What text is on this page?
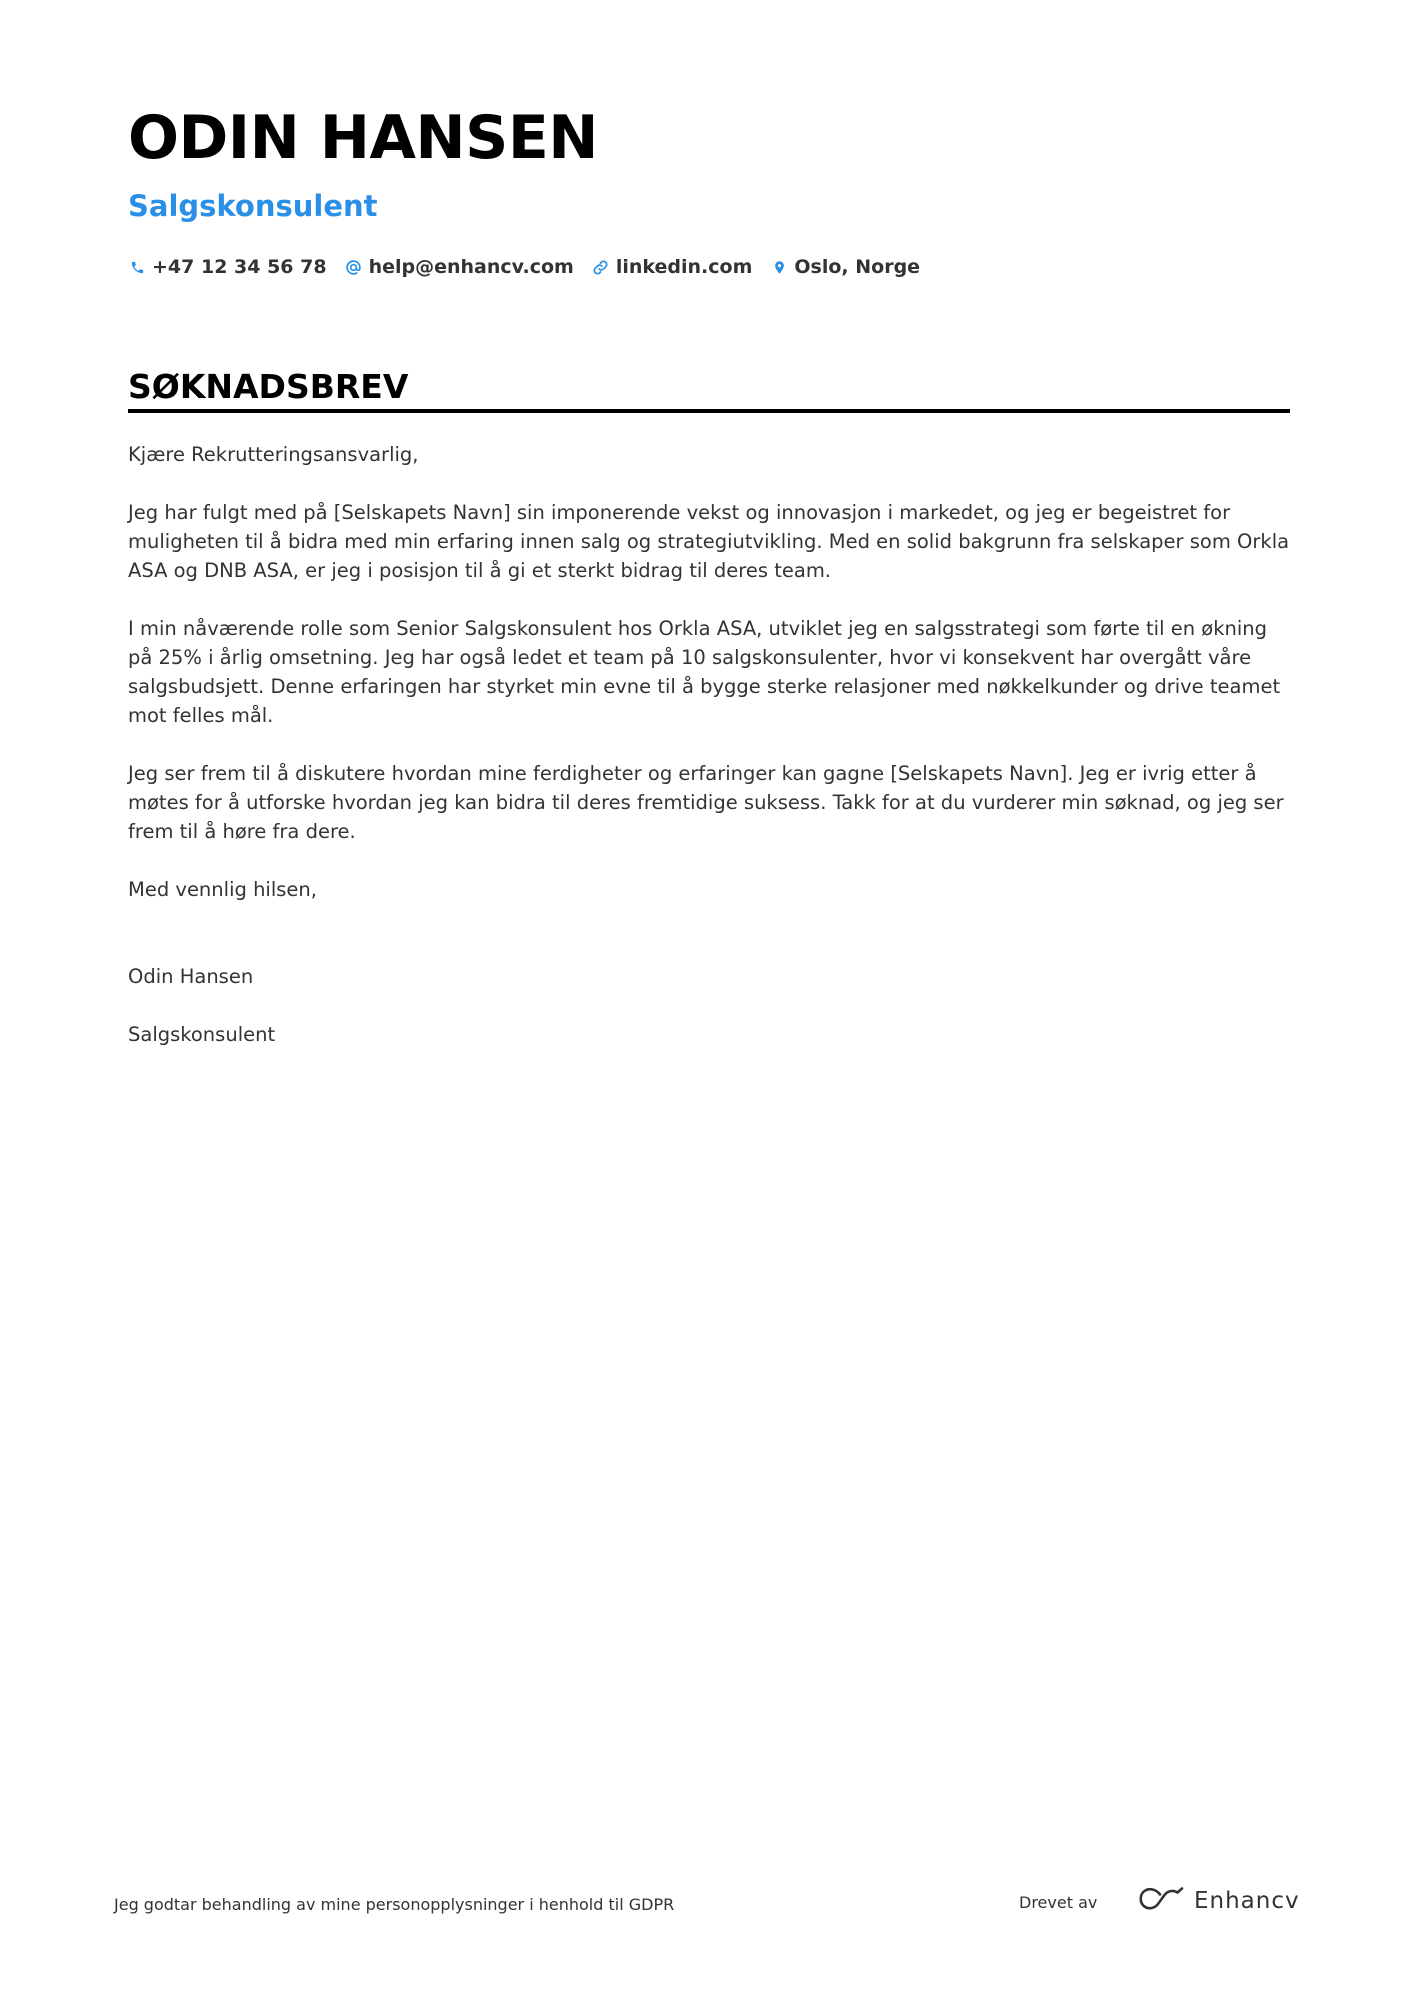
ODIN HANSEN
Salgskonsulent
+47 12 34 56 78 help@enhancv.com linkedin.com Oslo, Norge
SØKNADSBREV

Kjære Rekrutteringsansvarlig,

Jeg har fulgt med på [Selskapets Navn] sin imponerende vekst og innovasjon i markedet, og jeg er begeistret for muligheten til å bidra med min erfaring innen salg og strategiutvikling. Med en solid bakgrunn fra selskaper som Orkla ASA og DNB ASA, er jeg i posisjon til å gi et sterkt bidrag til deres team.

I min nåværende rolle som Senior Salgskonsulent hos Orkla ASA, utviklet jeg en salgsstrategi som førte til en økning på 25% i årlig omsetning. Jeg har også ledet et team på 10 salgskonsulenter, hvor vi konsekvent har overgått våre salgsbudsjett. Denne erfaringen har styrket min evne til å bygge sterke relasjoner med nøkkelkunder og drive teamet mot felles mål.

Jeg ser frem til å diskutere hvordan mine ferdigheter og erfaringer kan gagne [Selskapets Navn]. Jeg er ivrig etter å møtes for å utforske hvordan jeg kan bidra til deres fremtidige suksess. Takk for at du vurderer min søknad, og jeg ser frem til å høre fra dere.

Med vennlig hilsen,

Odin Hansen

Salgskonsulent

Jeg godtar behandling av mine personopplysninger i henhold til GDPR	Drevet av	Enhancv
